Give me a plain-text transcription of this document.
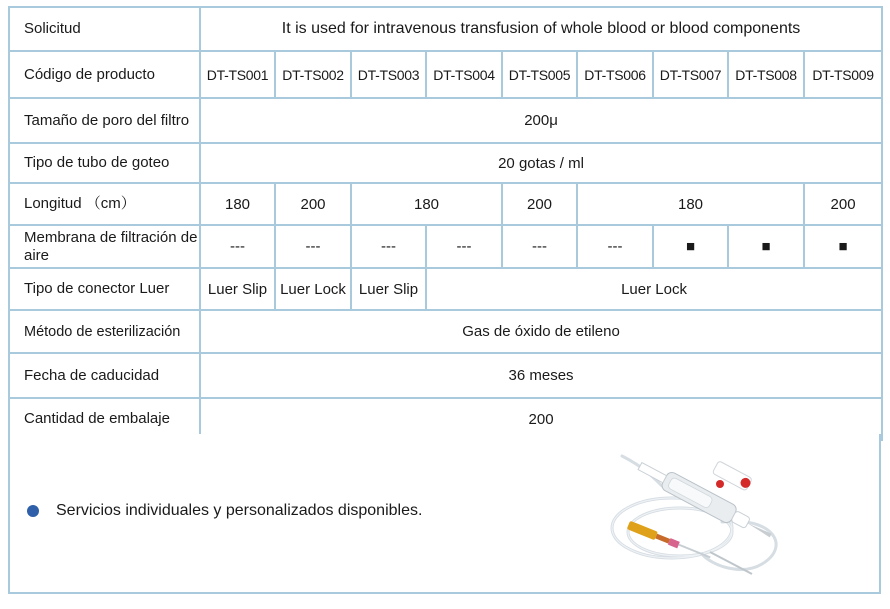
Solicitud	It is used for intravenous transfusion of whole blood or blood components								
Código de producto	DT-TS001	DT-TS002	DT-TS003	DT-TS004	DT-TS005	DT-TS006	DT-TS007	DT-TS008	DT-TS009
Tamaño de poro del filtro	200μ								
Tipo de tubo de goteo	20 gotas / ml								
Longitud （cm）	180	200	180		200	180			200
Membrana de filtración de aire	---	---	---	---	---	---	■	■	■
Tipo de conector Luer	Luer Slip	Luer Lock	Luer Slip	Luer Lock					
Método de esterilización	Gas de óxido de etileno								
Fecha de caducidad	36 meses								
Cantidad de embalaje	200								
Servicios individuales y personalizados disponibles.
